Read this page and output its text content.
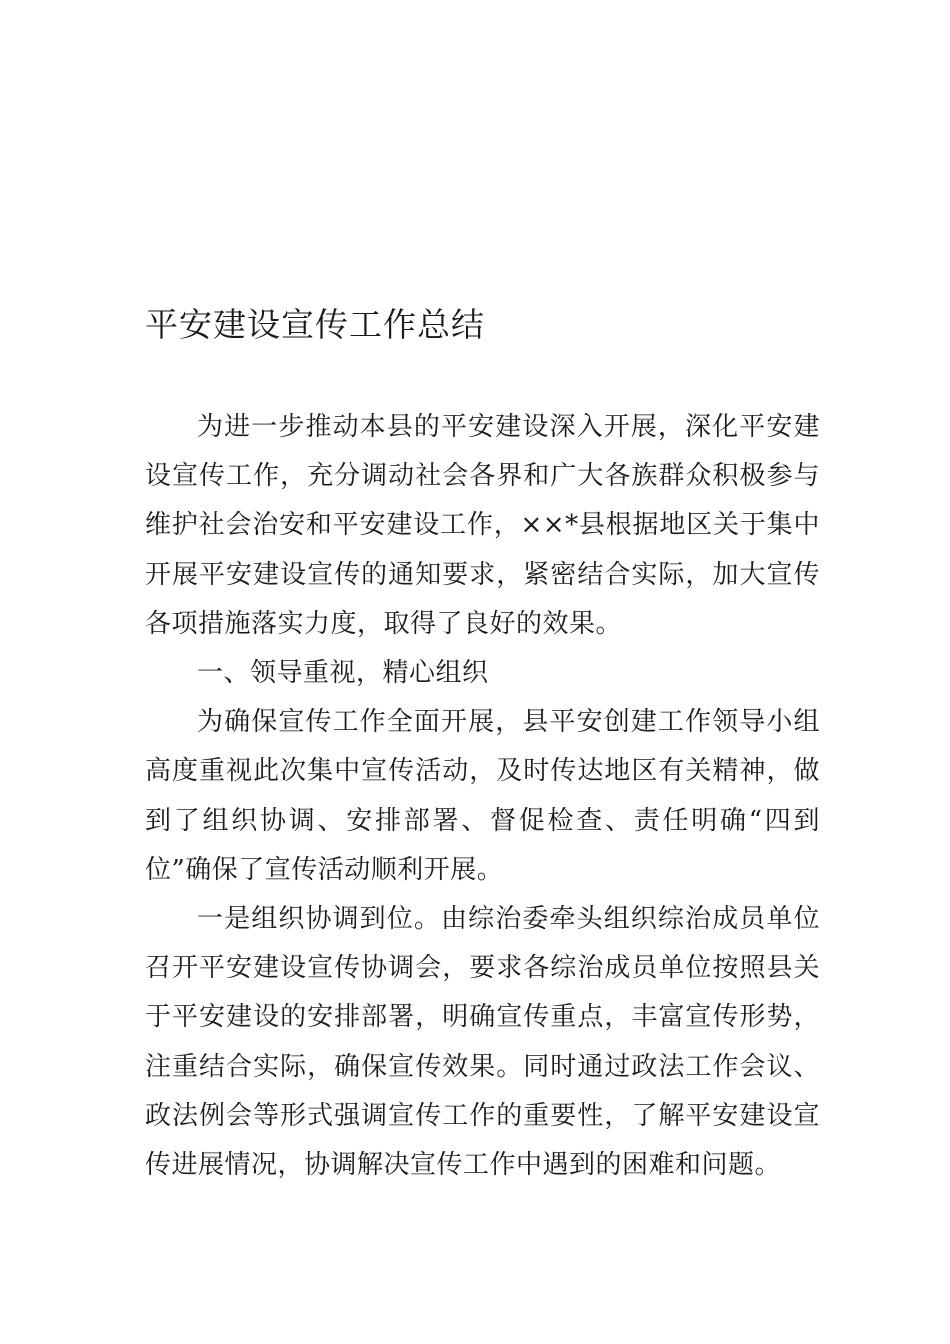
平安建设宣传工作总结

为进一步推动本县的平安建设深入开展，深化平安建设宣传工作，充分调动社会各界和广大各族群众积极参与维护社会治安和平安建设工作，××*县根据地区关于集中开展平安建设宣传的通知要求，紧密结合实际，加大宣传各项措施落实力度，取得了良好的效果。

一、领导重视，精心组织

为确保宣传工作全面开展，县平安创建工作领导小组高度重视此次集中宣传活动，及时传达地区有关精神，做到了组织协调、安排部署、督促检查、责任明确“四到位”确保了宣传活动顺利开展。

一是组织协调到位。由综治委牵头组织综治成员单位召开平安建设宣传协调会，要求各综治成员单位按照县关于平安建设的安排部署，明确宣传重点，丰富宣传形势，注重结合实际，确保宣传效果。同时通过政法工作会议、政法例会等形式强调宣传工作的重要性，了解平安建设宣传进展情况，协调解决宣传工作中遇到的困难和问题。
